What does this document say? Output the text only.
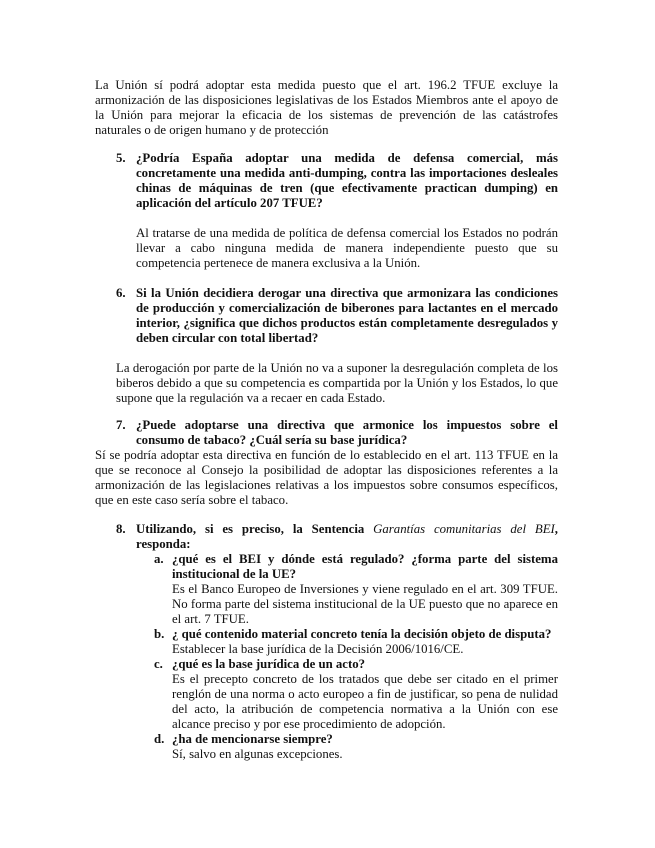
La Unión sí podrá adoptar esta medida puesto que el art. 196.2 TFUE excluye la armonización de las disposiciones legislativas de los Estados Miembros ante el apoyo de la Unión para mejorar la eficacia de los sistemas de prevención de las catástrofes naturales o de origen humano y de protección

5. ¿Podría España adoptar una medida de defensa comercial, más concretamente una medida anti-dumping, contra las importaciones desleales chinas de máquinas de tren (que efectivamente practican dumping) en aplicación del artículo 207 TFUE?

Al tratarse de una medida de política de defensa comercial los Estados no podrán llevar a cabo ninguna medida de manera independiente puesto que su competencia pertenece de manera exclusiva a la Unión.

6. Si la Unión decidiera derogar una directiva que armonizara las condiciones de producción y comercialización de biberones para lactantes en el mercado interior, ¿significa que dichos productos están completamente desregulados y deben circular con total libertad?

La derogación por parte de la Unión no va a suponer la desregulación completa de los biberos debido a que su competencia es compartida por la Unión y los Estados, lo que supone que la regulación va a recaer en cada Estado.

7. ¿Puede adoptarse una directiva que armonice los impuestos sobre el consumo de tabaco? ¿Cuál sería su base jurídica?

Sí se podría adoptar esta directiva en función de lo establecido en el art. 113 TFUE en la que se reconoce al Consejo la posibilidad de adoptar las disposiciones referentes a la armonización de las legislaciones relativas a los impuestos sobre consumos específicos, que en este caso sería sobre el tabaco.

8. Utilizando, si es preciso, la Sentencia Garantías comunitarias del BEI, responda:

a. ¿qué es el BEI y dónde está regulado? ¿forma parte del sistema institucional de la UE?

Es el Banco Europeo de Inversiones y viene regulado en el art. 309 TFUE. No forma parte del sistema institucional de la UE puesto que no aparece en el art. 7 TFUE.

b. ¿ qué contenido material concreto tenía la decisión objeto de disputa?

Establecer la base jurídica de la Decisión 2006/1016/CE.

c. ¿qué es la base jurídica de un acto?

Es el precepto concreto de los tratados que debe ser citado en el primer renglón de una norma o acto europeo a fin de justificar, so pena de nulidad del acto, la atribución de competencia normativa a la Unión con ese alcance preciso y por ese procedimiento de adopción.

d. ¿ha de mencionarse siempre?

Sí, salvo en algunas excepciones.
